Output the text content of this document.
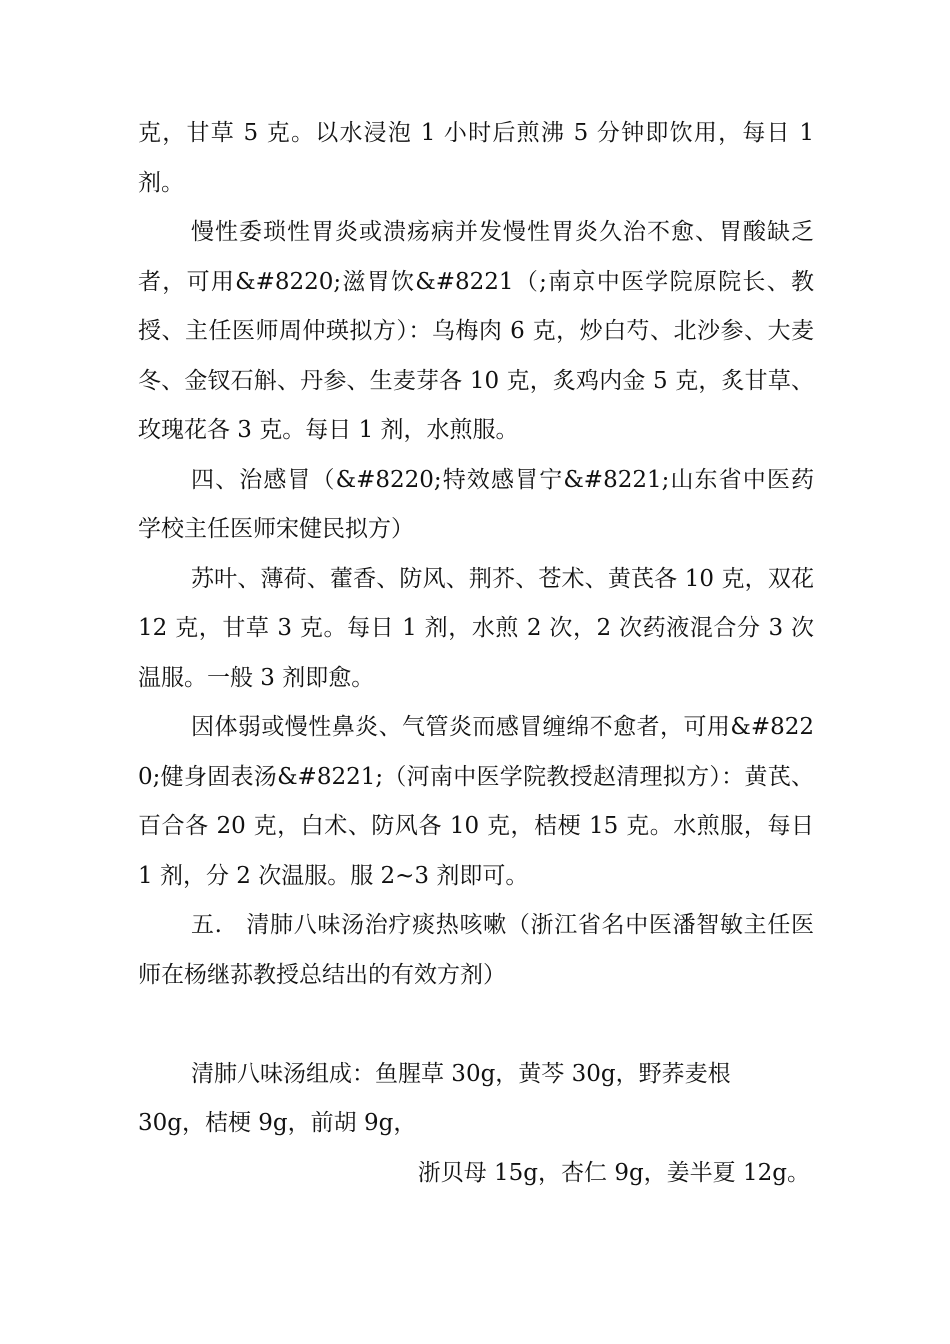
克，甘草 5 克。以水浸泡 1 小时后煎沸 5 分钟即饮用，每日 1 剂。

慢性委琐性胃炎或溃疡病并发慢性胃炎久治不愈、胃酸缺乏者，可用&#8220;滋胃饮&#8221（;南京中医学院原院长、教授、主任医师周仲瑛拟方）：乌梅肉 6 克，炒白芍、北沙参、大麦冬、金钗石斛、丹参、生麦芽各 10 克，炙鸡内金 5 克，炙甘草、玫瑰花各 3 克。每日 1 剂，水煎服。

四、治感冒（&#8220;特效感冒宁&#8221;山东省中医药学校主任医师宋健民拟方）

苏叶、薄荷、藿香、防风、荆芥、苍术、黄芪各 10 克，双花 12 克，甘草 3 克。每日 1 剂，水煎 2 次，2 次药液混合分 3 次温服。一般 3 剂即愈。

因体弱或慢性鼻炎、气管炎而感冒缠绵不愈者，可用&#8220;健身固表汤&#8221;（河南中医学院教授赵清理拟方）：黄芪、百合各 20 克，白术、防风各 10 克，桔梗 15 克。水煎服，每日 1 剂，分 2 次温服。服 2~3 剂即可。

五.　清肺八味汤治疗痰热咳嗽（浙江省名中医潘智敏主任医师在杨继荪教授总结出的有效方剂）

清肺八味汤组成：鱼腥草 30g，黄芩 30g，野荞麦根

30g，桔梗 9g，前胡 9g，

浙贝母 15g，杏仁 9g，姜半夏 12g。
